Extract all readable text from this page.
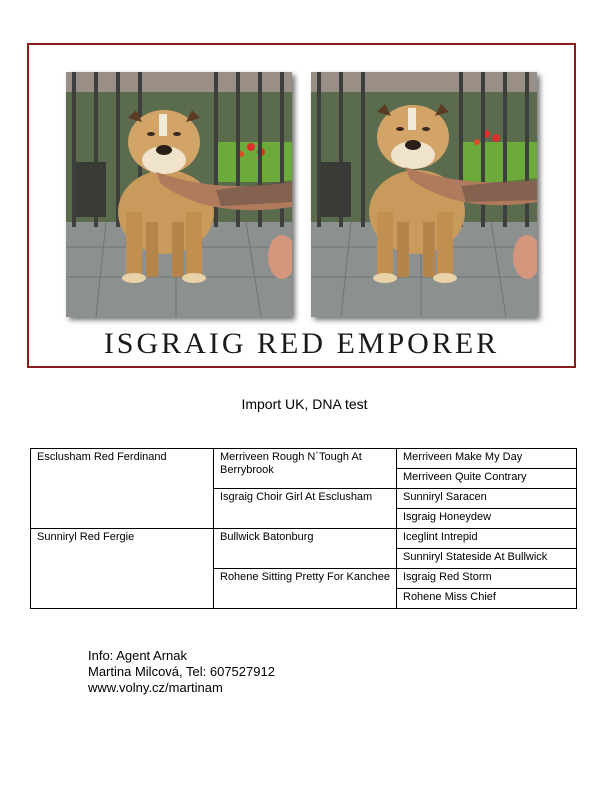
ISGRAIG RED EMPORER
Import UK, DNA test
Esclusham Red Ferdinand	Merriveen Rough N´Tough At Berrybrook	Merriveen Make My Day
		Merriveen Quite Contrary
	Isgraig Choir Girl At Esclusham	Sunniryl Saracen
		Isgraig Honeydew
Sunniryl Red Fergie	Bullwick Batonburg	Iceglint Intrepid
		Sunniryl Stateside At Bullwick
	Rohene Sitting Pretty For Kanchee	Isgraig Red Storm
		Rohene Miss Chief
Info: Agent Arnak
Martina Milcová, Tel: 607527912
www.volny.cz/martinam
